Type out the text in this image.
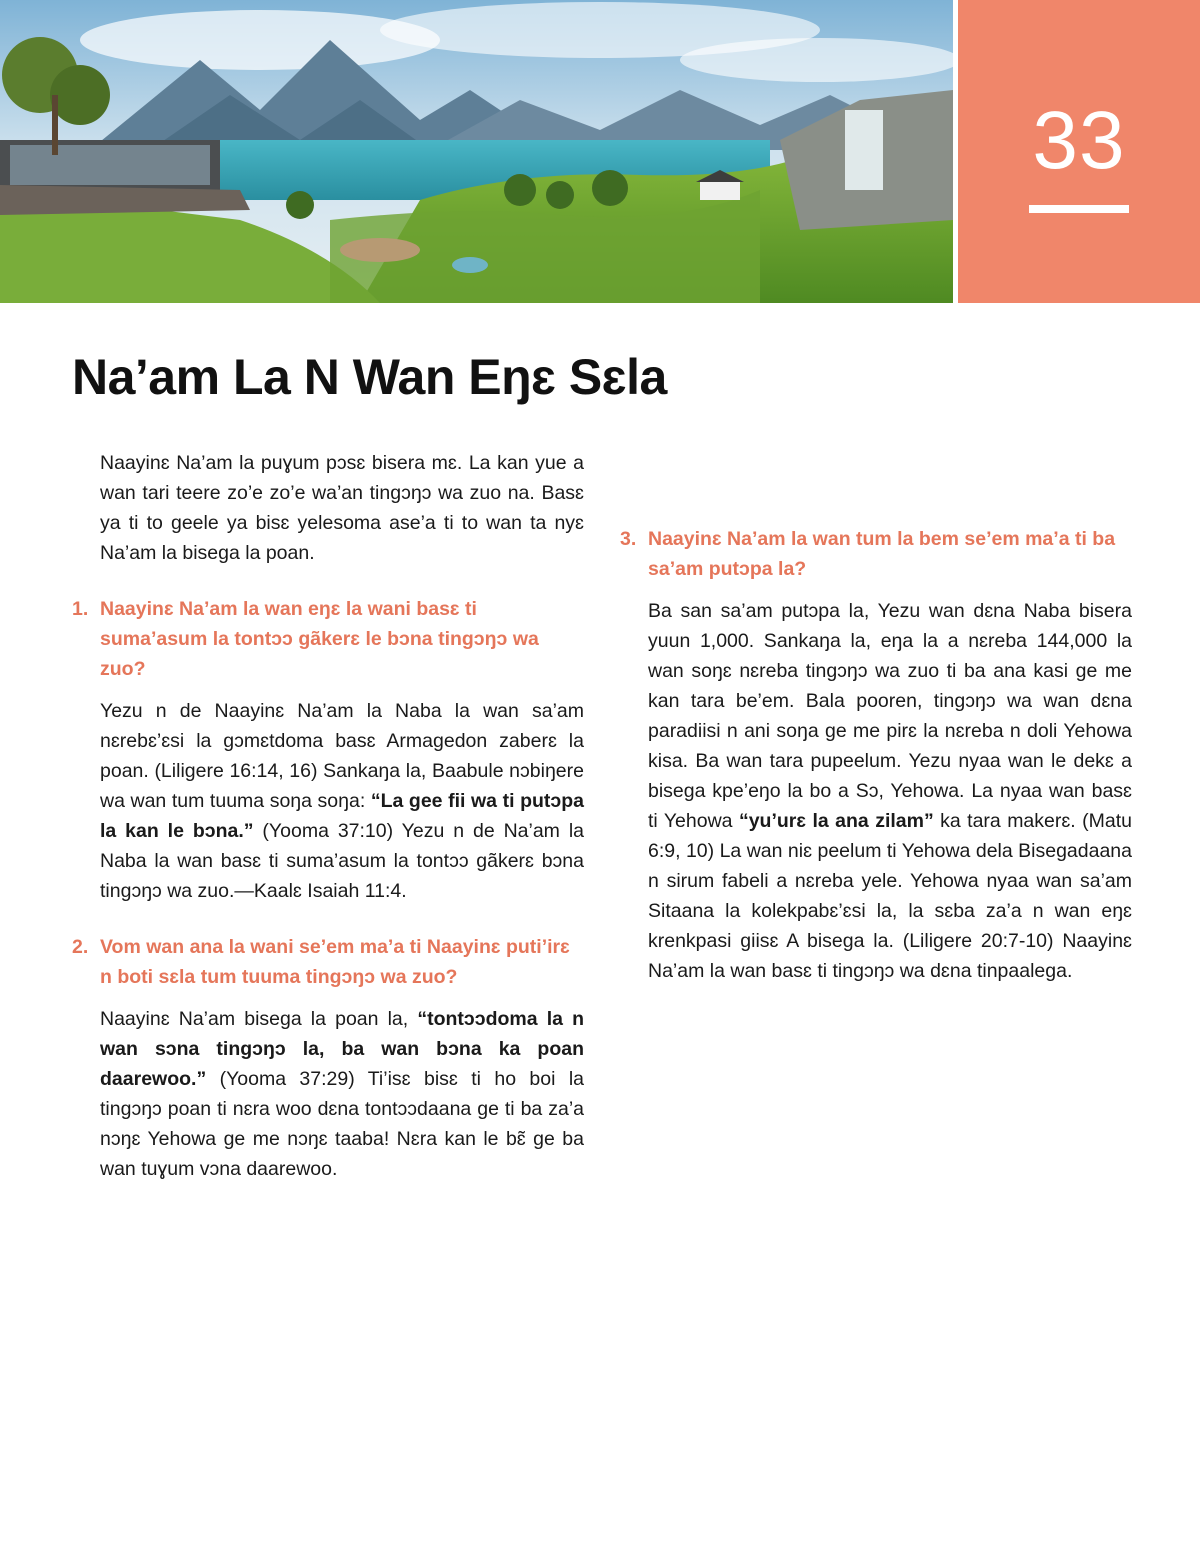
33
Na’am La N Wan Eŋɛ Sɛla

Naayinɛ Na’am la puɣum pɔsɛ bisera mɛ. La kan yue a wan tari teere zo’e zo’e wa’an tingɔŋɔ wa zuo na. Basɛ ya ti to geele ya bisɛ yelesoma ase’a ti to wan ta nyɛ Na’am la bisega la poan.

1. Naayinɛ Na’am la wan eŋɛ la wani basɛ ti suma’asum la tontɔɔ gãkerɛ le bɔna tingɔŋɔ wa zuo?

Yezu n de Naayinɛ Na’am la Naba la wan sa’am nɛrebɛ’ɛsi la gɔmɛtdoma basɛ Armagedon zaberɛ la poan. (Liligere 16:14, 16) Sankaŋa la, Baabule nɔbiŋere wa wan tum tuuma soŋa soŋa: “La gee fii wa ti putɔpa la kan le bɔna.” (Yooma 37:10) Yezu n de Na’am la Naba la wan basɛ ti suma’asum la tontɔɔ gãkerɛ bɔna tingɔŋɔ wa zuo.—Kaalɛ Isaiah 11:4.

2. Vom wan ana la wani se’em ma’a ti Naayinɛ puti’irɛ n boti sɛla tum tuuma tingɔŋɔ wa zuo?

Naayinɛ Na’am bisega la poan la, “tontɔɔdoma la n wan sɔna tingɔŋɔ la, ba wan bɔna ka poan daarewoo.” (Yooma 37:29) Ti’isɛ bisɛ ti ho boi la tingɔŋɔ poan ti nɛra woo dɛna tontɔɔdaana ge ti ba za’a nɔŋɛ Yehowa ge me nɔŋɛ taaba! Nɛra kan le bɛ̃ ge ba wan tuɣum vɔna daarewoo.

3. Naayinɛ Na’am la wan tum la bem se’em ma’a ti ba sa’am putɔpa la?

Ba san sa’am putɔpa la, Yezu wan dɛna Naba bisera yuun 1,000. Sankaŋa la, eŋa la a nɛreba 144,000 la wan soŋɛ nɛreba tingɔŋɔ wa zuo ti ba ana kasi ge me kan tara be’em. Bala pooren, tingɔŋɔ wa wan dɛna paradiisi n ani soŋa ge me pirɛ la nɛreba n doli Yehowa kisa. Ba wan tara pupeelum. Yezu nyaa wan le dekɛ a bisega kpe’eŋo la bo a Sɔ, Yehowa. La nyaa wan basɛ ti Yehowa “yu’urɛ la ana zilam” ka tara makerɛ. (Matu 6:9, 10) La wan niɛ peelum ti Yehowa dela Bisegadaana n sirum fabeli a nɛreba yele. Yehowa nyaa wan sa’am Sitaana la kolekpabɛ’ɛsi la, la sɛba za’a n wan eŋɛ krenkpasi giisɛ A bisega la. (Liligere 20:7-10) Naayinɛ Na’am la wan basɛ ti tingɔŋɔ wa dɛna tinpaalega.
